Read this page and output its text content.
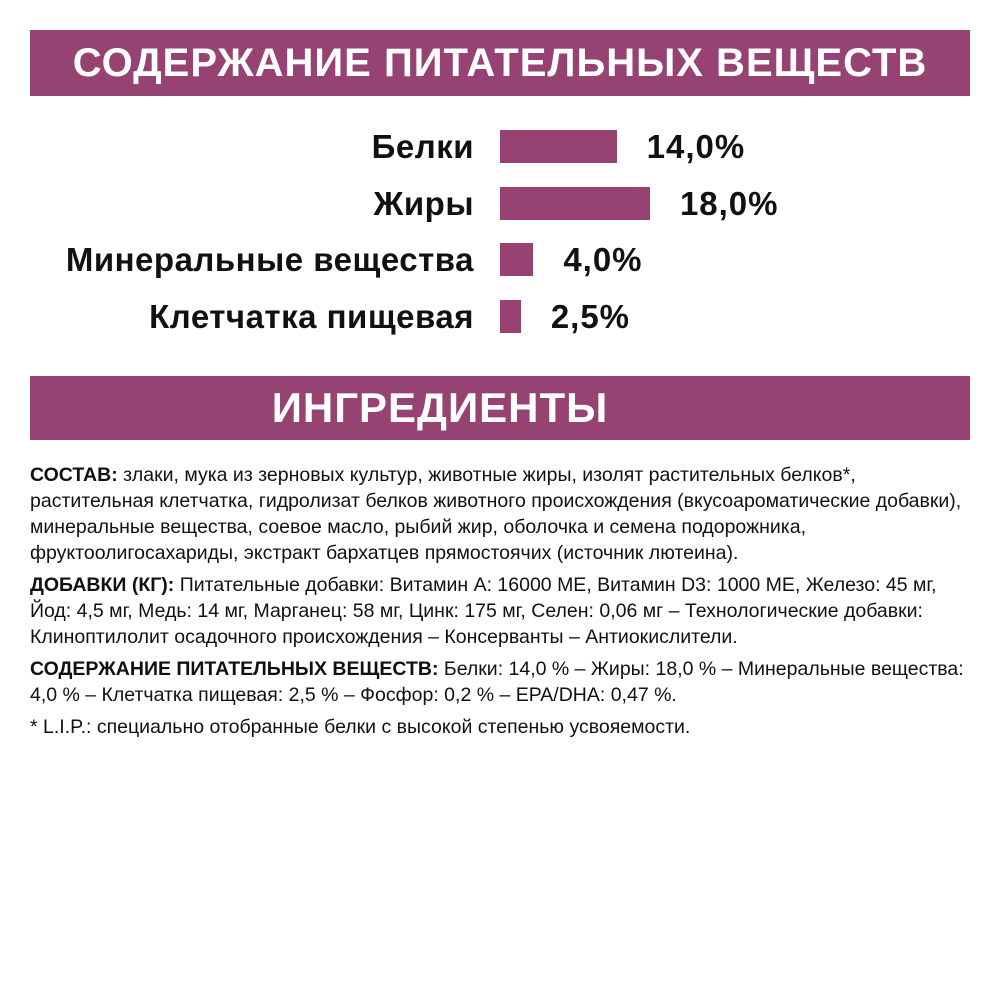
СОДЕРЖАНИЕ ПИТАТЕЛЬНЫХ ВЕЩЕСТВ
Белки	14,0%
Жиры	18,0%
Минеральные вещества	4,0%
Клетчатка пищевая 2,5%
ИНГРЕДИЕНТЫ

СОСТАВ: злаки, мука из зерновых культур, животные жиры, изолят растительных белков*, растительная клетчатка, гидролизат белков животного происхождения (вкусоароматические добавки), минеральные вещества, соевое масло, рыбий жир, оболочка и семена подорожника, фруктоолигосахариды, экстракт бархатцев прямостоячих (источник лютеина).

ДОБАВКИ (КГ): Питательные добавки: Витамин А: 16000 МЕ, Витамин D3: 1000 МЕ, Железо: 45 мг, Йод: 4,5 мг, Медь: 14 мг, Марганец: 58 мг, Цинк: 175 мг, Селен: 0,06 мг – Технологические добавки: Клиноптилолит осадочного происхождения – Консерванты – Антиокислители.

СОДЕРЖАНИЕ ПИТАТЕЛЬНЫХ ВЕЩЕСТВ: Белки: 14,0 % – Жиры: 18,0 % – Минеральные вещества: 4,0 % – Клетчатка пищевая: 2,5 % – Фосфор: 0,2 % – EPA/DHA: 0,47 %.

* L.I.P.: специально отобранные белки с высокой степенью усвояемости.
